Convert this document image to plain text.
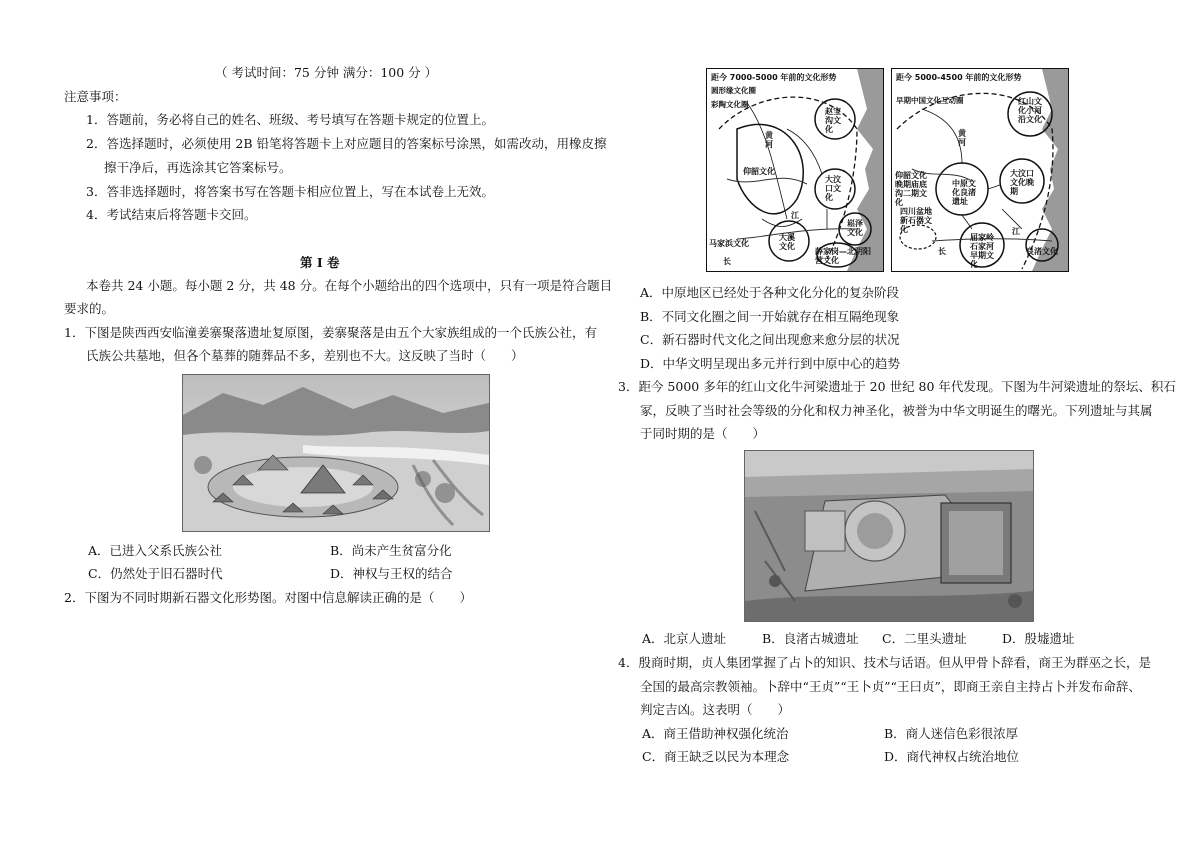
（ 考试时间：75 分钟 满分：100 分 ）
注意事项：
1．答题前，务必将自己的姓名、班级、考号填写在答题卡规定的位置上。
2．答选择题时，必须使用 2B 铅笔将答题卡上对应题目的答案标号涂黑，如需改动，用橡皮擦
擦干净后，再选涂其它答案标号。
3．答非选择题时，将答案书写在答题卡相应位置上，写在本试卷上无效。
4．考试结束后将答题卡交回。
第 Ⅰ 卷
本卷共 24 小题。每小题 2 分，共 48 分。在每个小题给出的四个选项中，只有一项是符合题目
要求的。
1．下图是陕西西安临潼姜寨聚落遗址复原图，姜寨聚落是由五个大家族组成的一个氏族公社，有
氏族公共墓地，但各个墓葬的随葬品不多，差别也不大。这反映了当时（　　）
A．已进入父系氏族公社	B．尚未产生贫富分化
C．仍然处于旧石器时代	D．神权与王权的结合
2．下图为不同时期新石器文化形势图。对图中信息解读正确的是（　　）
距今 7000-5000 年前的文化形势
圆形缘文化圈
彩陶文化圈
赵宝沟文化
黄河
仰韶文化
大汶口文化
江
大溪文化
崧泽文化
马家浜文化
薛家岗—北阴阳营文化
长
距今 5000-4500 年前的文化形势
早期中国文化互动圈	红山文化小河沿文化
黄河
仰韶文化晚期庙底沟二期文化
中原文化良渚遗址
大汶口文化晚期
四川盆地新石器文化
屈家岭石家河早期文化
江
长	良渚文化
A．中原地区已经处于各种文化分化的复杂阶段
B．不同文化圈之间一开始就存在相互隔绝现象
C．新石器时代文化之间出现愈来愈分层的状况
D．中华文明呈现出多元并行到中原中心的趋势
3．距今 5000 多年的红山文化牛河梁遗址于 20 世纪 80 年代发现。下图为牛河梁遗址的祭坛、积石
冢，反映了当时社会等级的分化和权力神圣化，被誉为中华文明诞生的曙光。下列遗址与其属
于同时期的是（　　）
A．北京人遗址	B．良渚古城遗址 C．二里头遗址	D．殷墟遗址
4．殷商时期，贞人集团掌握了占卜的知识、技术与话语。但从甲骨卜辞看，商王为群巫之长，是
全国的最高宗教领袖。卜辞中“王贞”“王卜贞”“王曰贞”，即商王亲自主持占卜并发布命辞、
判定吉凶。这表明（　　）
A．商王借助神权强化统治	B．商人迷信色彩很浓厚
C．商王缺乏以民为本理念	D．商代神权占统治地位
